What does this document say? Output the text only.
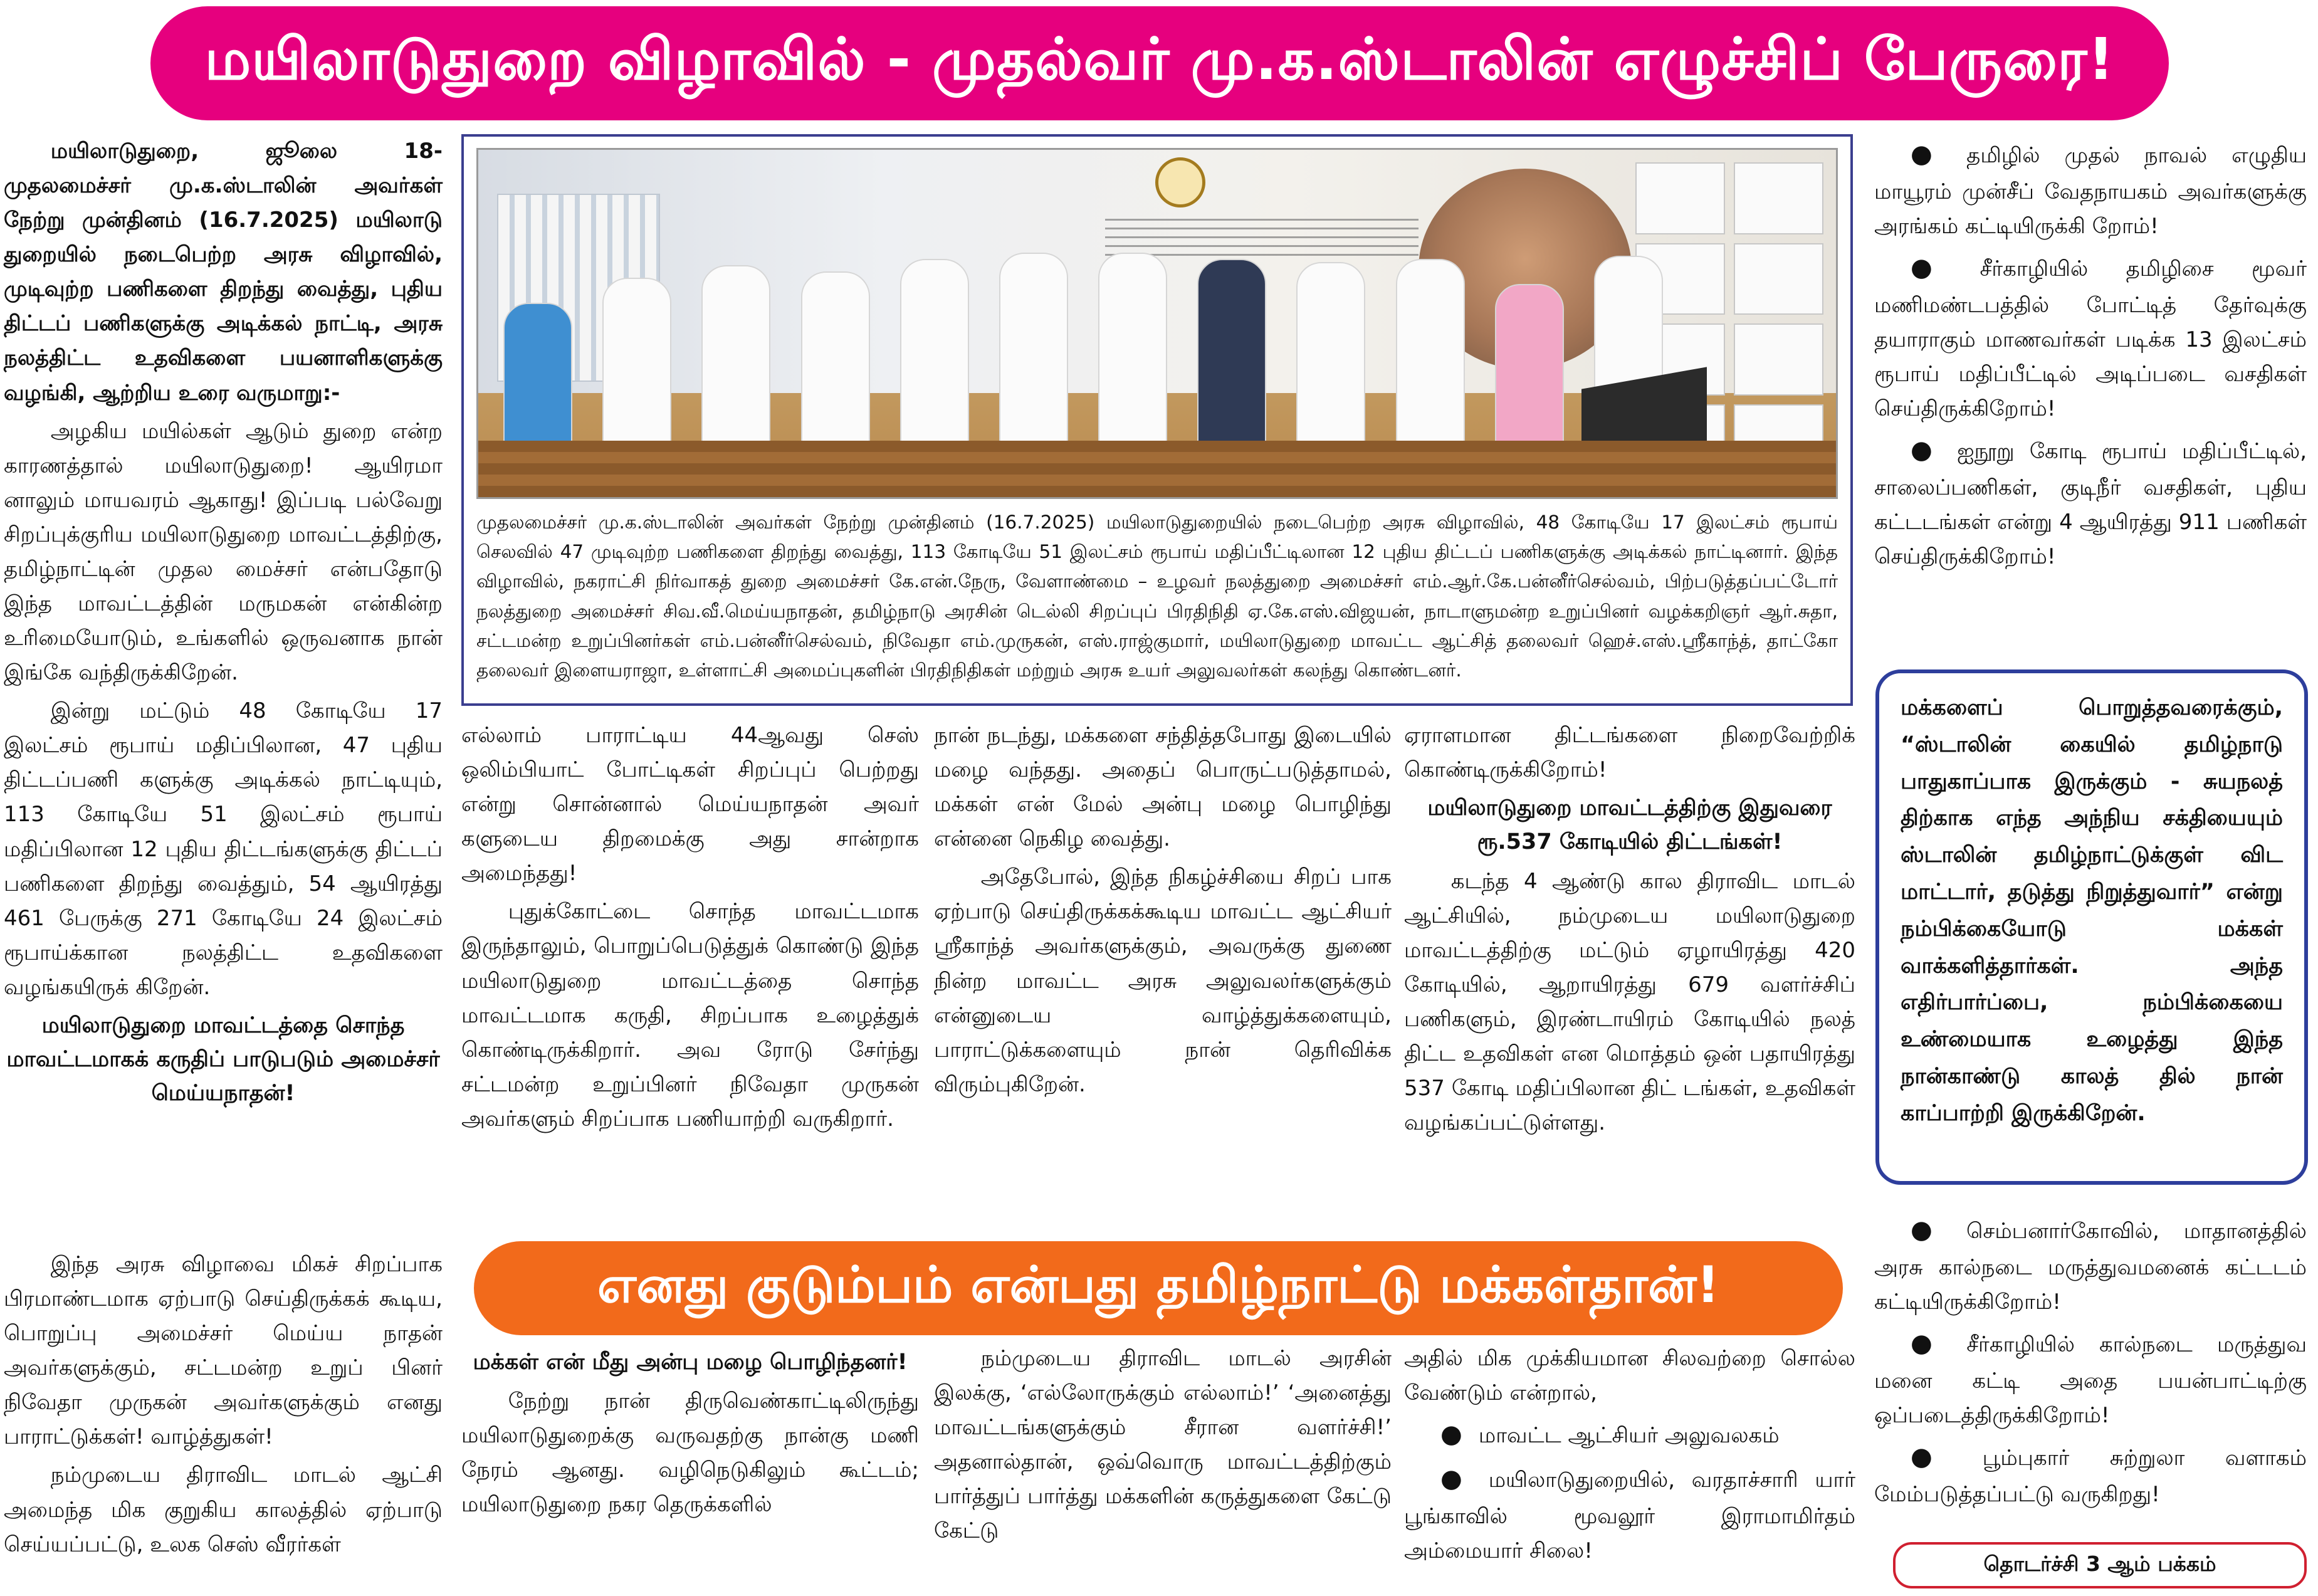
மயிலாடுதுறை விழாவில் - முதல்வர் மு.க.ஸ்டாலின் எழுச்சிப் பேருரை!

மயிலாடுதுறை, ஜூலை 18- முதலமைச்சர் மு.க.ஸ்டாலின் அவர்கள் நேற்று முன்தினம் (16.7.2025) மயிலாடு துறையில் நடைபெற்ற அரசு விழாவில், முடிவுற்ற பணிகளை திறந்து வைத்து, புதிய திட்டப் பணிகளுக்கு அடிக்கல் நாட்டி, அரசு நலத்திட்ட உதவிகளை பயனாளிகளுக்கு வழங்கி, ஆற்றிய உரை வருமாறு:-

அழகிய மயில்கள் ஆடும் துறை என்ற காரணத்தால் மயிலாடுதுறை! ஆயிரமா னாலும் மாயவரம் ஆகாது! இப்படி பல்வேறு சிறப்புக்குரிய மயிலாடுதுறை மாவட்டத்திற்கு, தமிழ்நாட்டின் முதல மைச்சர் என்பதோடு இந்த மாவட்டத்தின் மருமகன் என்கின்ற உரிமையோடும், உங்களில் ஒருவனாக நான் இங்கே வந்திருக்கிறேன்.

இன்று மட்டும் 48 கோடியே 17 இலட்சம் ரூபாய் மதிப்பிலான, 47 புதிய திட்டப்பணி களுக்கு அடிக்கல் நாட்டியும், 113 கோடியே 51 இலட்சம் ரூபாய் மதிப்பிலான 12 புதிய திட்டங்களுக்கு திட்டப் பணிகளை திறந்து வைத்தும், 54 ஆயிரத்து 461 பேருக்கு 271 கோடியே 24 இலட்சம் ரூபாய்க்கான நலத்திட்ட உதவிகளை வழங்கயிருக் கிறேன்.

மயிலாடுதுறை மாவட்டத்தை சொந்த மாவட்டமாகக் கருதிப் பாடுபடும் அமைச்சர் மெய்யநாதன்!

இந்த அரசு விழாவை மிகச் சிறப்பாக பிரமாண்டமாக ஏற்பாடு செய்திருக்கக் கூடிய, பொறுப்பு அமைச்சர் மெய்ய நாதன் அவர்களுக்கும், சட்டமன்ற உறுப் பினர் நிவேதா முருகன் அவர்களுக்கும் எனது பாராட்டுக்கள்! வாழ்த்துகள்!

நம்முடைய திராவிட மாடல் ஆட்சி அமைந்த மிக குறுகிய காலத்தில் ஏற்பாடு செய்யப்பட்டு, உலக செஸ் வீரர்கள்

முதலமைச்சர் மு.க.ஸ்டாலின் அவர்கள் நேற்று முன்தினம் (16.7.2025) மயிலாடுதுறையில் நடைபெற்ற அரசு விழாவில், 48 கோடியே 17 இலட்சம் ரூபாய் செலவில் 47 முடிவுற்ற பணிகளை திறந்து வைத்து, 113 கோடியே 51 இலட்சம் ரூபாய் மதிப்பீட்டிலான 12 புதிய திட்டப் பணிகளுக்கு அடிக்கல் நாட்டினார். இந்த விழாவில், நகராட்சி நிர்வாகத் துறை அமைச்சர் கே.என்.நேரு, வேளாண்மை – உழவர் நலத்துறை அமைச்சர் எம்.ஆர்.கே.பன்னீர்செல்வம், பிற்படுத்தப்பட்டோர் நலத்துறை அமைச்சர் சிவ.வீ.மெய்யநாதன், தமிழ்நாடு அரசின் டெல்லி சிறப்புப் பிரதிநிதி ஏ.கே.எஸ்.விஜயன், நாடாளுமன்ற உறுப்பினர் வழக்கறிஞர் ஆர்.சுதா, சட்டமன்ற உறுப்பினர்கள் எம்.பன்னீர்செல்வம், நிவேதா எம்.முருகன், எஸ்.ராஜ்குமார், மயிலாடுதுறை மாவட்ட ஆட்சித் தலைவர் ஹெச்.எஸ்.ஸ்ரீகாந்த், தாட்கோ தலைவர் இளையராஜா, உள்ளாட்சி அமைப்புகளின் பிரதிநிதிகள் மற்றும் அரசு உயர் அலுவலர்கள் கலந்து கொண்டனர்.

எல்லாம் பாராட்டிய 44ஆவது செஸ் ஒலிம்பியாட் போட்டிகள் சிறப்புப் பெற்றது என்று சொன்னால் மெய்யநாதன் அவர் களுடைய திறமைக்கு அது சான்றாக அமைந்தது!

புதுக்கோட்டை சொந்த மாவட்டமாக இருந்தாலும், பொறுப்பெடுத்துக் கொண்டு இந்த மயிலாடுதுறை மாவட்டத்தை சொந்த மாவட்டமாக கருதி, சிறப்பாக உழைத்துக் கொண்டிருக்கிறார். அவ ரோடு சேர்ந்து சட்டமன்ற உறுப்பினர் நிவேதா முருகன் அவர்களும் சிறப்பாக பணியாற்றி வருகிறார்.

நான் நடந்து, மக்களை சந்தித்தபோது இடையில் மழை வந்தது. அதைப் பொருட்படுத்தாமல், மக்கள் என் மேல் அன்பு மழை பொழிந்து என்னை நெகிழ வைத்து.

அதேபோல், இந்த நிகழ்ச்சியை சிறப் பாக ஏற்பாடு செய்திருக்கக்கூடிய மாவட்ட ஆட்சியர் ஸ்ரீகாந்த் அவர்களுக்கும், அவருக்கு துணை நின்ற மாவட்ட அரசு அலுவலர்களுக்கும் என்னுடைய வாழ்த்துக்களையும், பாராட்டுக்களையும் நான் தெரிவிக்க விரும்புகிறேன்.

ஏராளமான திட்டங்களை நிறைவேற்றிக் கொண்டிருக்கிறோம்!

மயிலாடுதுறை மாவட்டத்திற்கு இதுவரை ரூ.537 கோடியில் திட்டங்கள்!

கடந்த 4 ஆண்டு கால திராவிட மாடல் ஆட்சியில், நம்முடைய மயிலாடுதுறை மாவட்டத்திற்கு மட்டும் ஏழாயிரத்து 420 கோடியில், ஆறாயிரத்து 679 வளர்ச்சிப் பணிகளும், இரண்டாயிரம் கோடியில் நலத் திட்ட உதவிகள் என மொத்தம் ஒன் பதாயிரத்து 537 கோடி மதிப்பிலான திட் டங்கள், உதவிகள் வழங்கப்பட்டுள்ளது.

● தமிழில் முதல் நாவல் எழுதிய மாயூரம் முன்சீப் வேதநாயகம் அவர்களுக்கு அரங்கம் கட்டியிருக்கி றோம்!

● சீர்காழியில் தமிழிசை மூவர் மணிமண்டபத்தில் போட்டித் தேர்வுக்கு தயாராகும் மாணவர்கள் படிக்க 13 இலட்சம் ரூபாய் மதிப்பீட்டில் அடிப்படை வசதிகள் செய்திருக்கிறோம்!

● ஐநூறு கோடி ரூபாய் மதிப்பீட்டில், சாலைப்பணிகள், குடிநீர் வசதிகள், புதிய கட்டடங்கள் என்று 4 ஆயிரத்து 911 பணிகள் செய்திருக்கிறோம்!

மக்களைப் பொறுத்தவரைக்கும், “ஸ்டாலின் கையில் தமிழ்நாடு பாதுகாப்பாக இருக்கும் - சுயநலத் திற்காக எந்த அந்நிய சக்தியையும் ஸ்டாலின் தமிழ்நாட்டுக்குள் விட மாட்டார், தடுத்து நிறுத்துவார்” என்று நம்பிக்கையோடு மக்கள் வாக்களித்தார்கள். அந்த எதிர்பார்ப்பை, நம்பிக்கையை உண்மையாக உழைத்து இந்த நான்காண்டு காலத் தில் நான் காப்பாற்றி இருக்கிறேன்.
எனது குடும்பம் என்பது தமிழ்நாட்டு மக்கள்தான்!
மக்கள் என் மீது அன்பு மழை பொழிந்தனர்!

நேற்று நான் திருவெண்காட்டிலிருந்து மயிலாடுதுறைக்கு வருவதற்கு நான்கு மணி நேரம் ஆனது. வழிநெடுகிலும் கூட்டம்; மயிலாடுதுறை நகர தெருக்களில்

நம்முடைய திராவிட மாடல் அரசின் இலக்கு, ‘எல்லோருக்கும் எல்லாம்!’ ‘அனைத்து மாவட்டங்களுக்கும் சீரான வளர்ச்சி!’ அதனால்தான், ஒவ்வொரு மாவட்டத்திற்கும் பார்த்துப் பார்த்து மக்களின் கருத்துகளை கேட்டு கேட்டு

அதில் மிக முக்கியமான சிலவற்றை சொல்ல வேண்டும் என்றால்,

● மாவட்ட ஆட்சியர் அலுவலகம்

● மயிலாடுதுறையில், வரதாச்சாரி யார் பூங்காவில் மூவலூர் இராமாமிர்தம் அம்மையார் சிலை!

● செம்பனார்கோவில், மாதானத்தில் அரசு கால்நடை மருத்துவமனைக் கட்டடம் கட்டியிருக்கிறோம்!

● சீர்காழியில் கால்நடை மருத்துவ மனை கட்டி அதை பயன்பாட்டிற்கு ஒப்படைத்திருக்கிறோம்!

● பூம்புகார் சுற்றுலா வளாகம் மேம்படுத்தப்பட்டு வருகிறது!

தொடர்ச்சி 3 ஆம் பக்கம்
